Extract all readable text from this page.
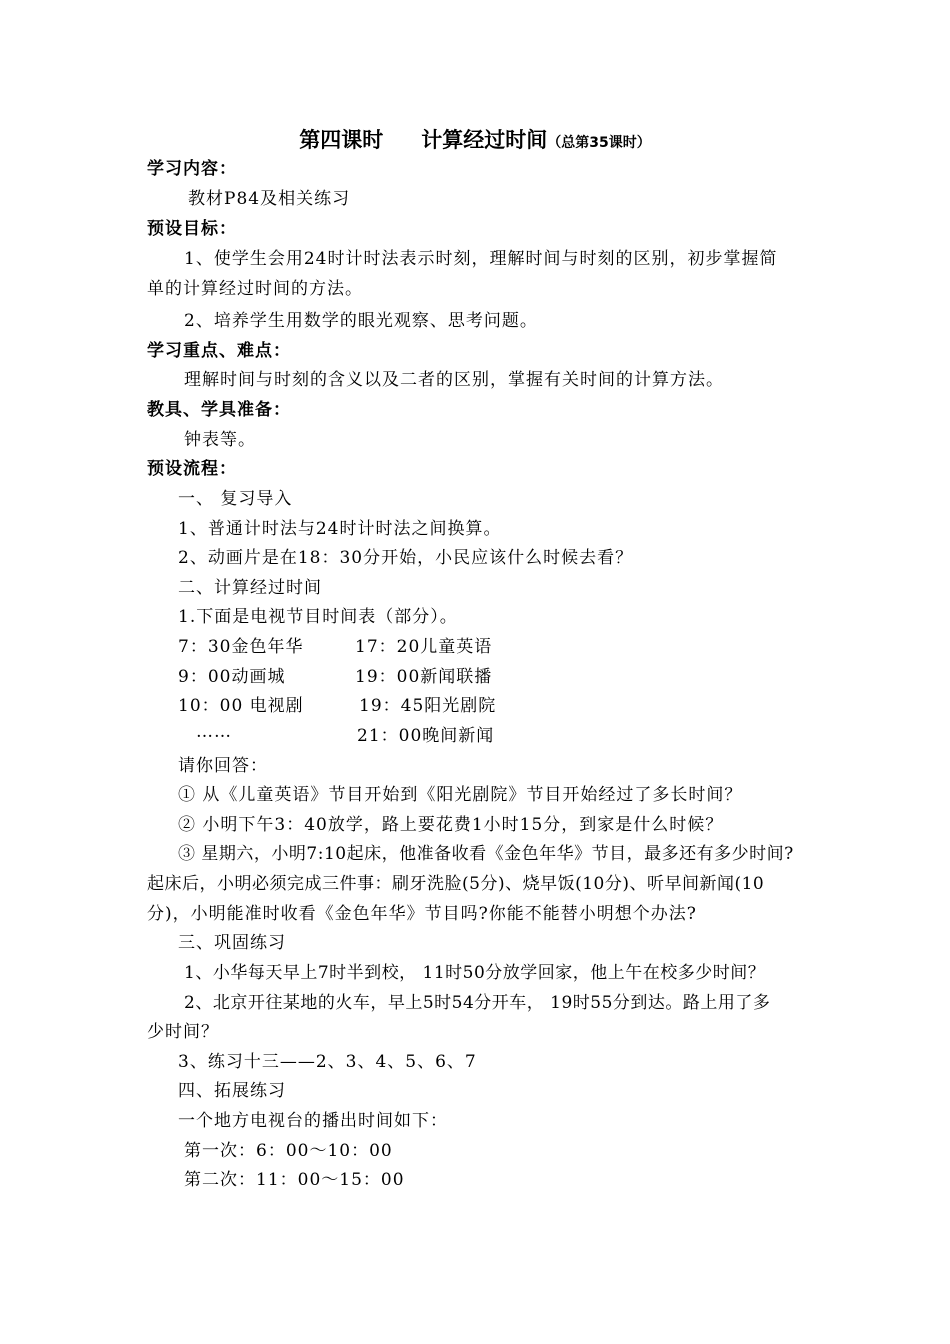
第四课时 计算经过时间（总第35课时）
学习内容：
教材P84及相关练习
预设目标：
1、使学生会用24时计时法表示时刻，理解时间与时刻的区别，初步掌握简
单的计算经过时间的方法。
2、培养学生用数学的眼光观察、思考问题。
学习重点、难点：
理解时间与时刻的含义以及二者的区别，掌握有关时间的计算方法。
教具、学具准备：
钟表等。
预设流程：
一、 复习导入
1、普通计时法与24时计时法之间换算。
2、动画片是在18：30分开始，小民应该什么时候去看？
二、计算经过时间
1.下面是电视节目时间表（部分）。
7：30金色年华	17：20儿童英语
9：00动画城	19：00新闻联播
10：00 电视剧	19：45阳光剧院
……	21：00晚间新闻
请你回答：
① 从《儿童英语》节目开始到《阳光剧院》节目开始经过了多长时间？
② 小明下午3：40放学，路上要花费1小时15分，到家是什么时候？
③ 星期六，小明7:10起床，他准备收看《金色年华》节目，最多还有多少时间?
起床后，小明必须完成三件事：刷牙洗脸(5分)、烧早饭(10分)、听早间新闻(10
分)，小明能准时收看《金色年华》节目吗?你能不能替小明想个办法?
三、巩固练习
1、小华每天早上7时半到校， 11时50分放学回家，他上午在校多少时间？
2、北京开往某地的火车，早上5时54分开车， 19时55分到达。路上用了多
少时间？
3、练习十三——2、3、4、5、6、7
四、拓展练习
一个地方电视台的播出时间如下：
第一次：6：00～10：00
第二次：11：00～15：00
